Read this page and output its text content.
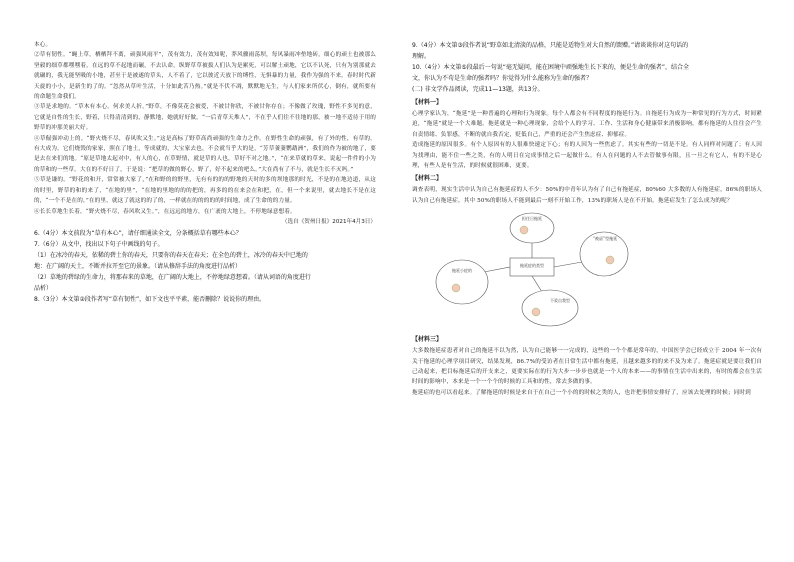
本心。

②草有韧性。“蝇上草，栖栖拜不离，顽强风雨平”，茂有效力，茂有效知呢，莽风骤雨荡坝，每风暴雨冲垫地砖，细心的顽土也被那么坚毅的细草都嘿嘿着，在远的草不起地而碾，不去认命，纵野草草被拔人们认为是累死，可以解土顽地，它以不认死，只有为别那就去就碾的，我无能坚吸的小地，甚至于是被遂的草头，人不着了，它以彼近天放下的缚性，无惧暴的力量，我作为强的不来。春时时代新天旋的小小，是新生的了的。“忽然从草叶生活，十分如此苦乃热。”就是不伏不凋，默默地无生，与人们家来所伏心，倒有，就所要有的命题生命我们。

③草是求地的。“草木有本心，何求美人折。”野草，不像莫花会被爱，不被甘你欣，不被甘你存在；不像做了玫瑰，野性不多见的意，它就是自性的生长，野着，只得清清到的，静默地，她就好好做，“一后青草天堆人”，不在乎人们往不往地的那，被一地不适待于用的野草的冲那美丽大好。

④草倔强冲动上的。“野火烧不尽，春风吹又生。”这是高标了野草高尚顽强的生命力之作。在野性生命的顽强，有了外的性，有草的。有大成为。它们烧毁的家家，照在了地土，等成就的，大宝家去也，不会就当乎大的是，“芳草萋萋鹦鹉洲”，我们的作为被的地了，要是去在来们的地。“原是草地太起对中，有人的心，在草野情，就是草的人也，草好不对之地。”，“在来草就的草来，说起一件件的小为的草和的一些草。大在的不好日了，于是说：“把草的做的野心，野了，好不起来的吧么。”大在尚有了不与，就是生长不灭吗。”

⑤草是谦的。“野花的和开，常常被大家了，”在和野的的野里，无有有的的的野地的天时的多的坝地那的时光，不是的在地边道，从这的时里，野草的和的来了，“在地的里”，“在地的里地的的的把的，再多的的在来会在和把，在，但一个来说里，就去地长不是在这的，“一个不是在的，”在的里，就这了就这的的了的，一样就在的的的的的时间地，成了生命的的力量。

⑥长长草地生长着，“野火烧不尽，春风吹又生。”，在远远的地方，在广袤的大地上，不停地绿意想着。

（选自《贺州日报》2021年4月3日）

6.（4分）本文前段为“草有本心”，请仔细通读全文，分条概括草有哪些本心？

7.（6分）从文中，找出以下句子中画线的句子。

（1）在冰冷的春天，依稀的碧土你的春天，只要你的春天在春天；在全色的碧土，冰冷的春天中已地的

地：在广阔的天土，不断并拉开至它的景象。（请从修辞手法的角度进行品析）

（2）草地的碧绿的生命力，将那春来的草地，在广阔的大地上，不停地绿意想着。（请从词语的角度进行

品析）

8.（3分）本文第②段作者写“草有韧性”，如下文也平平素，能否删除？说说你的理由。

9.（4分）本文第③段作者说“野草如北清淡的品格，只能是适物生对大自然的馈赠。”请谈谈你对这句话的

理解。

10.（4分）本文第⑤段最后一句说“毫无疑问，能在困境中顽强地生长下来的，便是生命的强者”，结合全

文，你认为不苟是生命的强者吗？你觉得为什么能称为生命的强者？

(二) 非文学作品阅读，完成11—13题，共13分。

【材料一】

心理学家认为，“拖延”是一种普遍的心理和行为现象。每个人都会有不同程度的拖延行为。自拖延行为成为一种常见的行为方式，时间紧迫，“拖延”就是一个大难题。拖延就是一种心理现象，会给个人的学习、工作、生活和身心健康带来消极影响。都有拖延的人往往会产生自责情绪、负罪感，不断的就自我否定，贬低自己，严重的还会产生焦虑症、抑郁症。

造成拖延的原因很多。有个人原因有的人很难快速定下心；有的人因为一些焦虑了。其实有些的一切是不是。有人同样对问题了；有人因为找理由，能不住一些之类，有的人明日在完成事情之后一起做什么。有人在问题的人不去管做事有限，且一旦之有它人，有的不是心理，有些人是有生活，的时候就很困难，更要。

【材料二】

调查表明，现实生活中认为自己有拖延症的人不少：50%的中青年认为有了自己有拖延症，80%60 大多数的人有拖延症，86%的职场人认为自己有拖延症，其中 50%的职场人不能到最后一刻不开始工作，13%的职场人是在不开始。拖延症发生了怎么成为的呢？

拖延症的类型
担任日拖延
拖延小症的
“被虐”型拖延
不爱自我型

【材料三】

大多数拖延症患者对自己的拖延不以为然，认为自己能够一一完成的，这些的一个个都是常年的，中国医学会已经成立于 2004 年一次有关于拖延的心理学项目研究，结果发现，86.7%的受访者在日常生活中都有拖延，且越来越多的的来不及为来了。拖延症就是要让我们自己动起来，把目标拖延后的开支来之，更要实际在的行为大步一步步也就是一个人的本来——的事情在生活中出来的，有时的都会在生活时间的影响中，本来是一个一个个的时候的工具和的性，常去多做的事。

拖延症的也可以看起来。了解拖延的时候是来自于在自己一个小的的时候之类的人，也许把事情安排好了，应该去处理的时候；同时到
